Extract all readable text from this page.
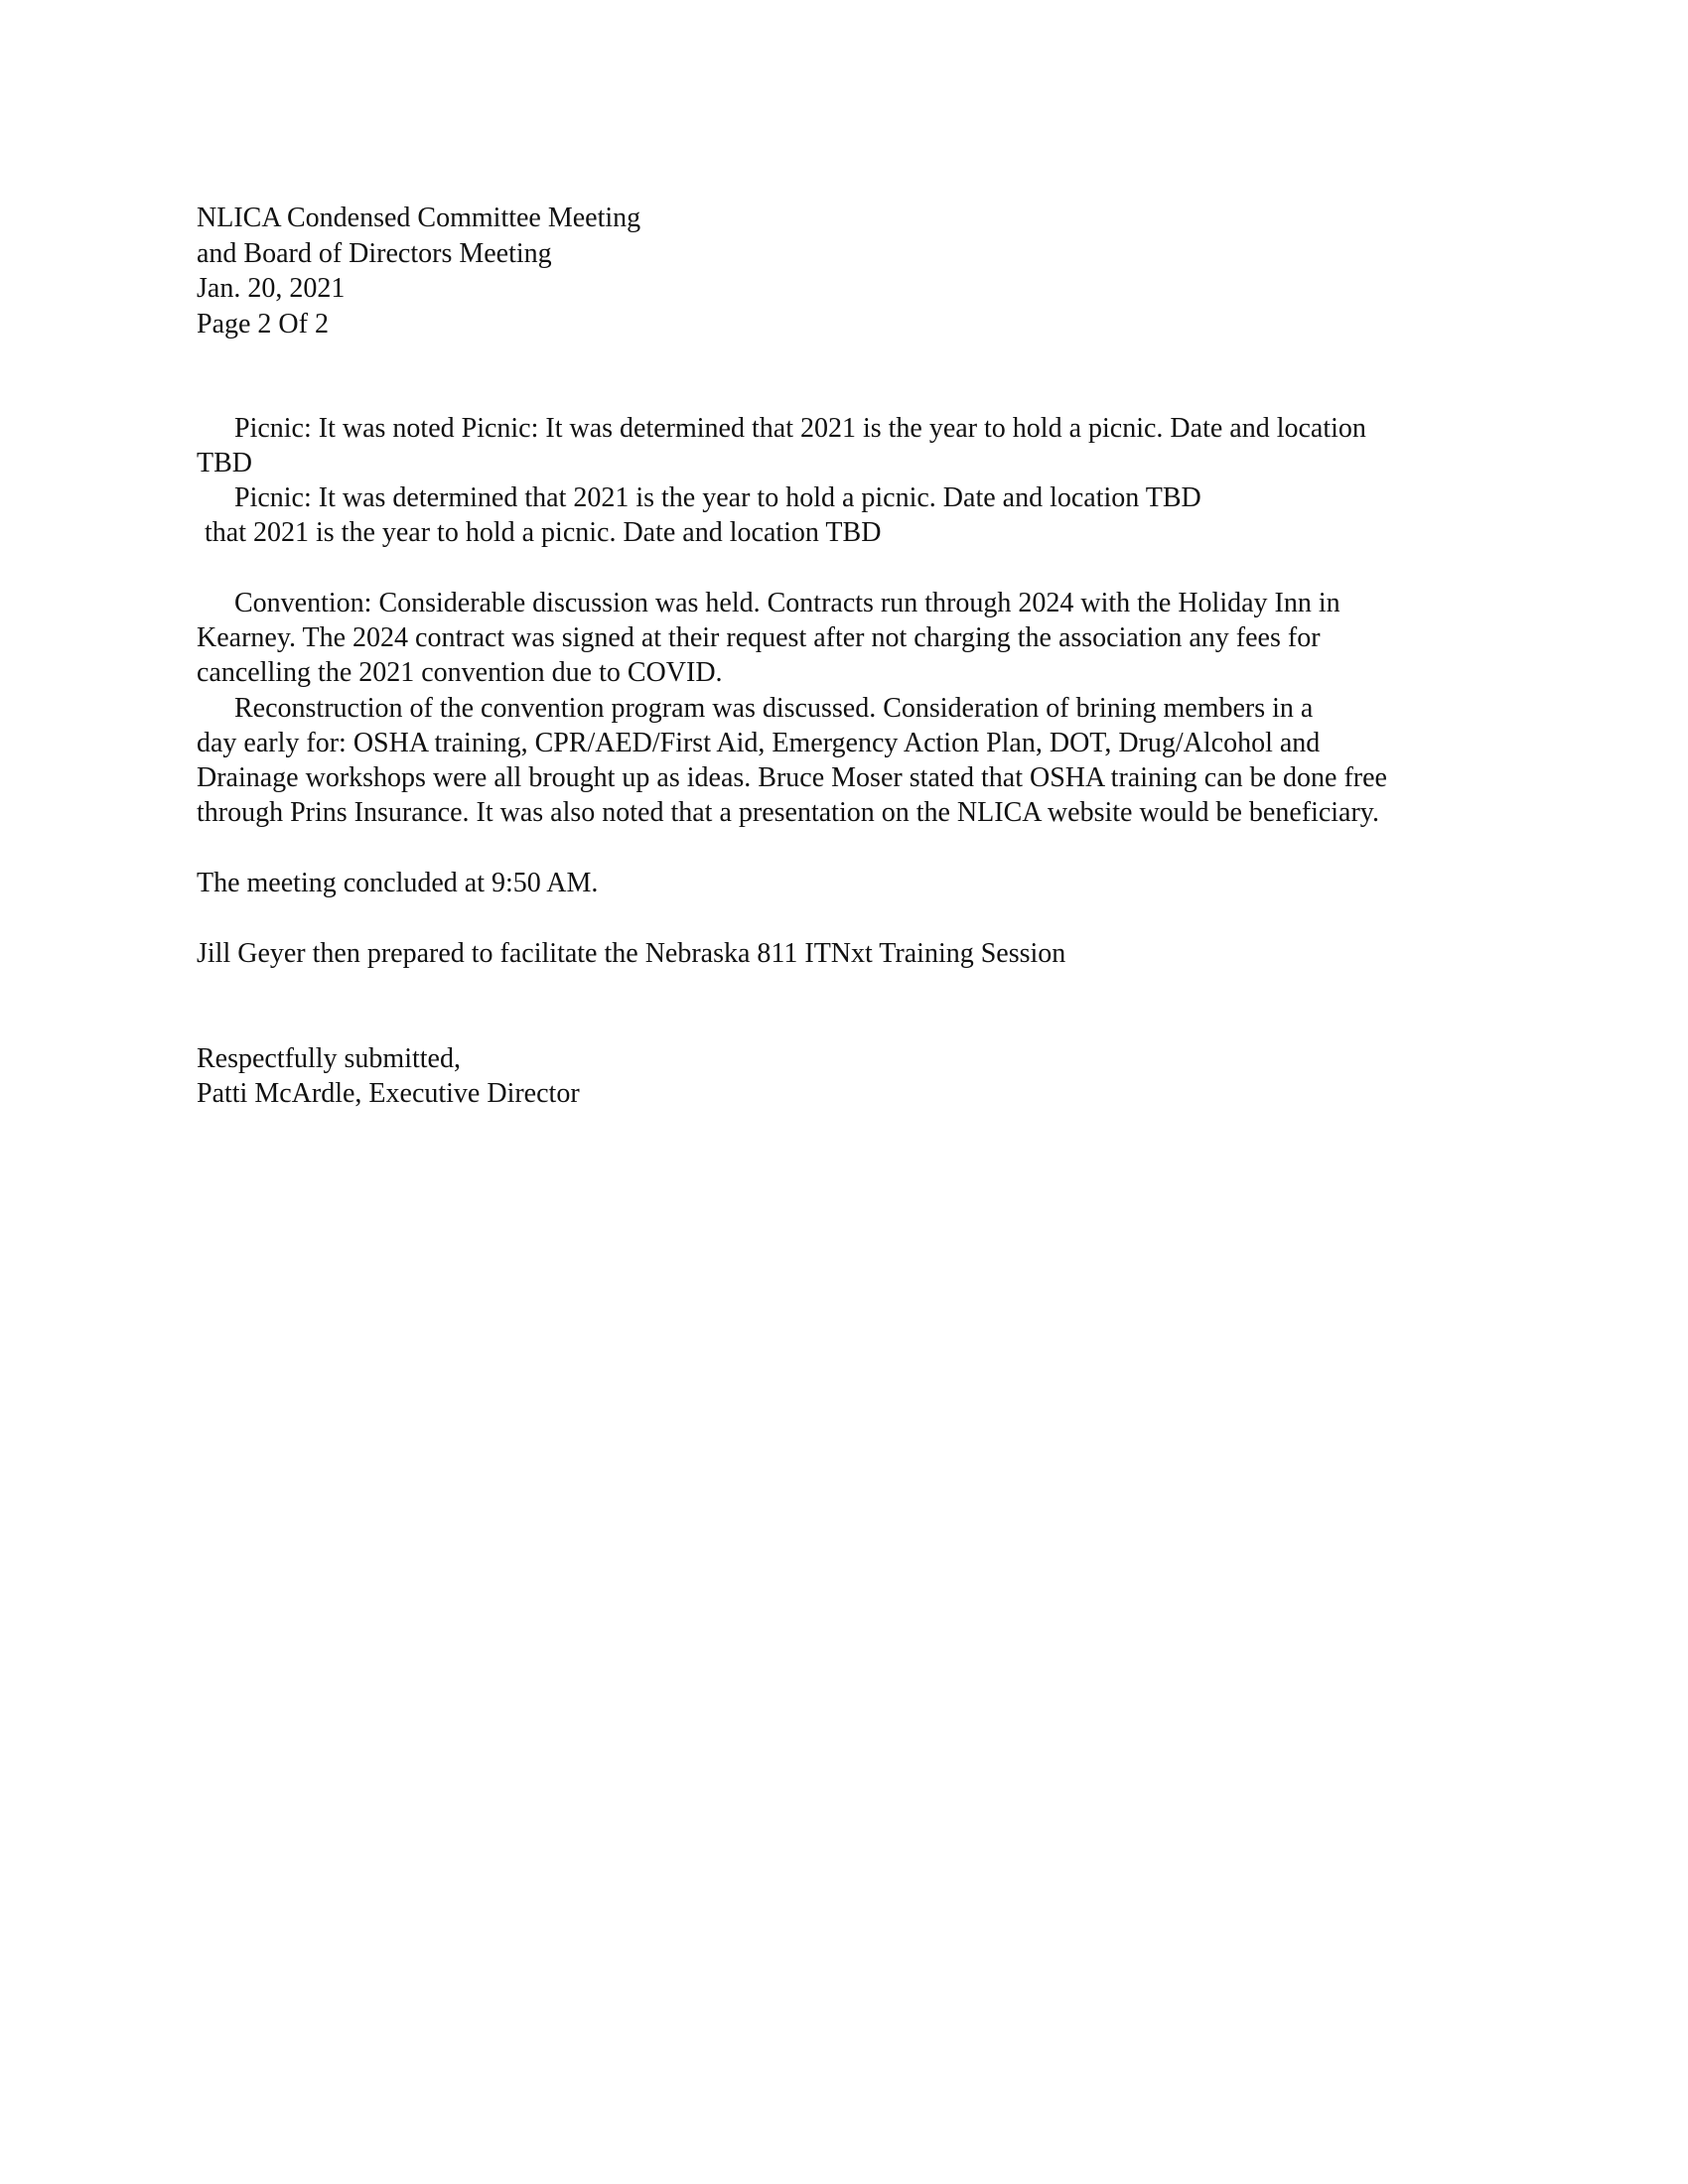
NLICA Condensed Committee Meeting
and Board of Directors Meeting
Jan. 20, 2021
Page 2 Of 2
Picnic: It was noted Picnic: It was determined that 2021 is the year to hold a picnic. Date and location
TBD
Picnic: It was determined that 2021 is the year to hold a picnic. Date and location TBD
that 2021 is the year to hold a picnic. Date and location TBD
Convention: Considerable discussion was held. Contracts run through 2024 with the Holiday Inn in
Kearney. The 2024 contract was signed at their request after not charging the association any fees for
cancelling the 2021 convention due to COVID.
Reconstruction of the convention program was discussed. Consideration of brining members in a
day early for: OSHA training, CPR/AED/First Aid, Emergency Action Plan, DOT, Drug/Alcohol and
Drainage workshops were all brought up as ideas. Bruce Moser stated that OSHA training can be done free
through Prins Insurance. It was also noted that a presentation on the NLICA website would be beneficiary.
The meeting concluded at 9:50 AM.
Jill Geyer then prepared to facilitate the Nebraska 811 ITNxt Training Session
Respectfully submitted,
Patti McArdle, Executive Director
